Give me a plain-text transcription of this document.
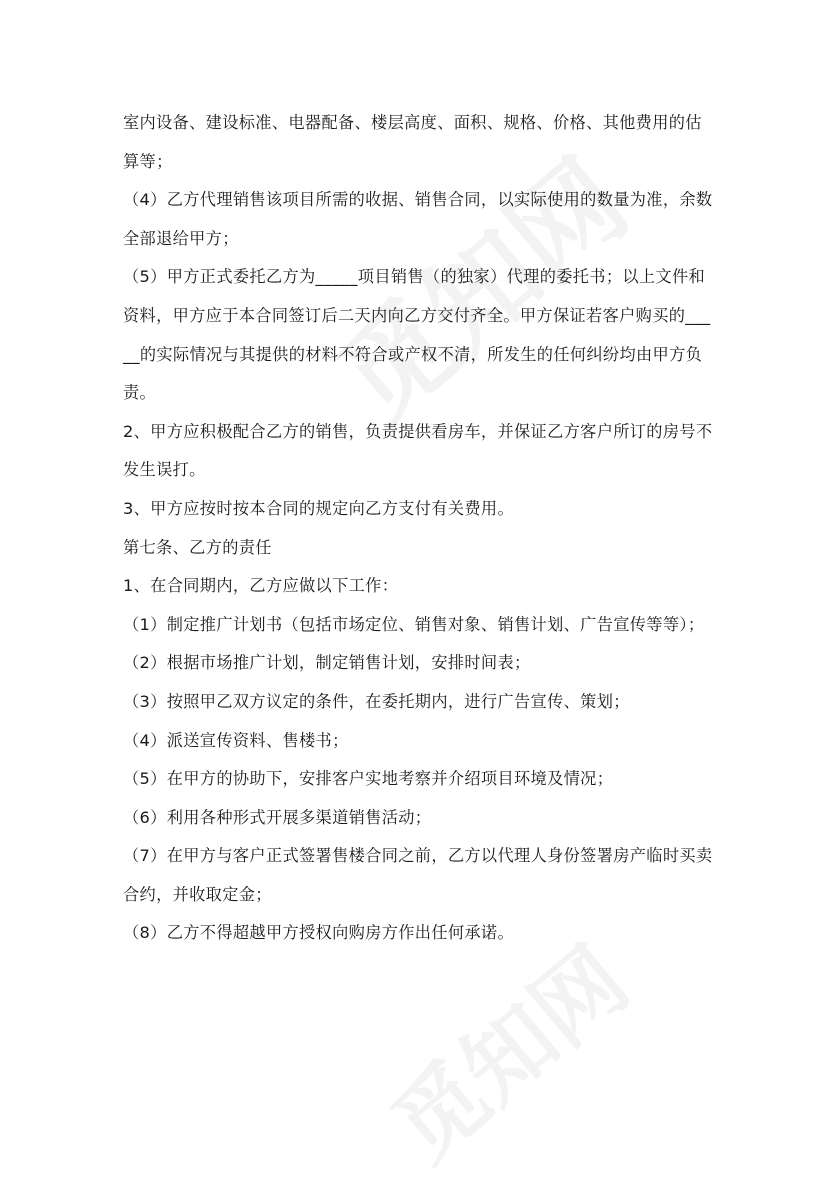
室内设备、建设标准、电器配备、楼层高度、面积、规格、价格、其他费用的估算等；

（4）乙方代理销售该项目所需的收据、销售合同，以实际使用的数量为准，余数全部退给甲方；

（5）甲方正式委托乙方为_____项目销售（的独家）代理的委托书；以上文件和资料，甲方应于本合同签订后二天内向乙方交付齐全。甲方保证若客户购买的_____的实际情况与其提供的材料不符合或产权不清，所发生的任何纠纷均由甲方负责。

2、甲方应积极配合乙方的销售，负责提供看房车，并保证乙方客户所订的房号不发生误打。

3、甲方应按时按本合同的规定向乙方支付有关费用。

第七条、乙方的责任

1、在合同期内，乙方应做以下工作：

（1）制定推广计划书（包括市场定位、销售对象、销售计划、广告宣传等等）；

（2）根据市场推广计划，制定销售计划，安排时间表；

（3）按照甲乙双方议定的条件，在委托期内，进行广告宣传、策划；

（4）派送宣传资料、售楼书；

（5）在甲方的协助下，安排客户实地考察并介绍项目环境及情况；

（6）利用各种形式开展多渠道销售活动；

（7）在甲方与客户正式签署售楼合同之前，乙方以代理人身份签署房产临时买卖合约，并收取定金；

（8）乙方不得超越甲方授权向购房方作出任何承诺。
